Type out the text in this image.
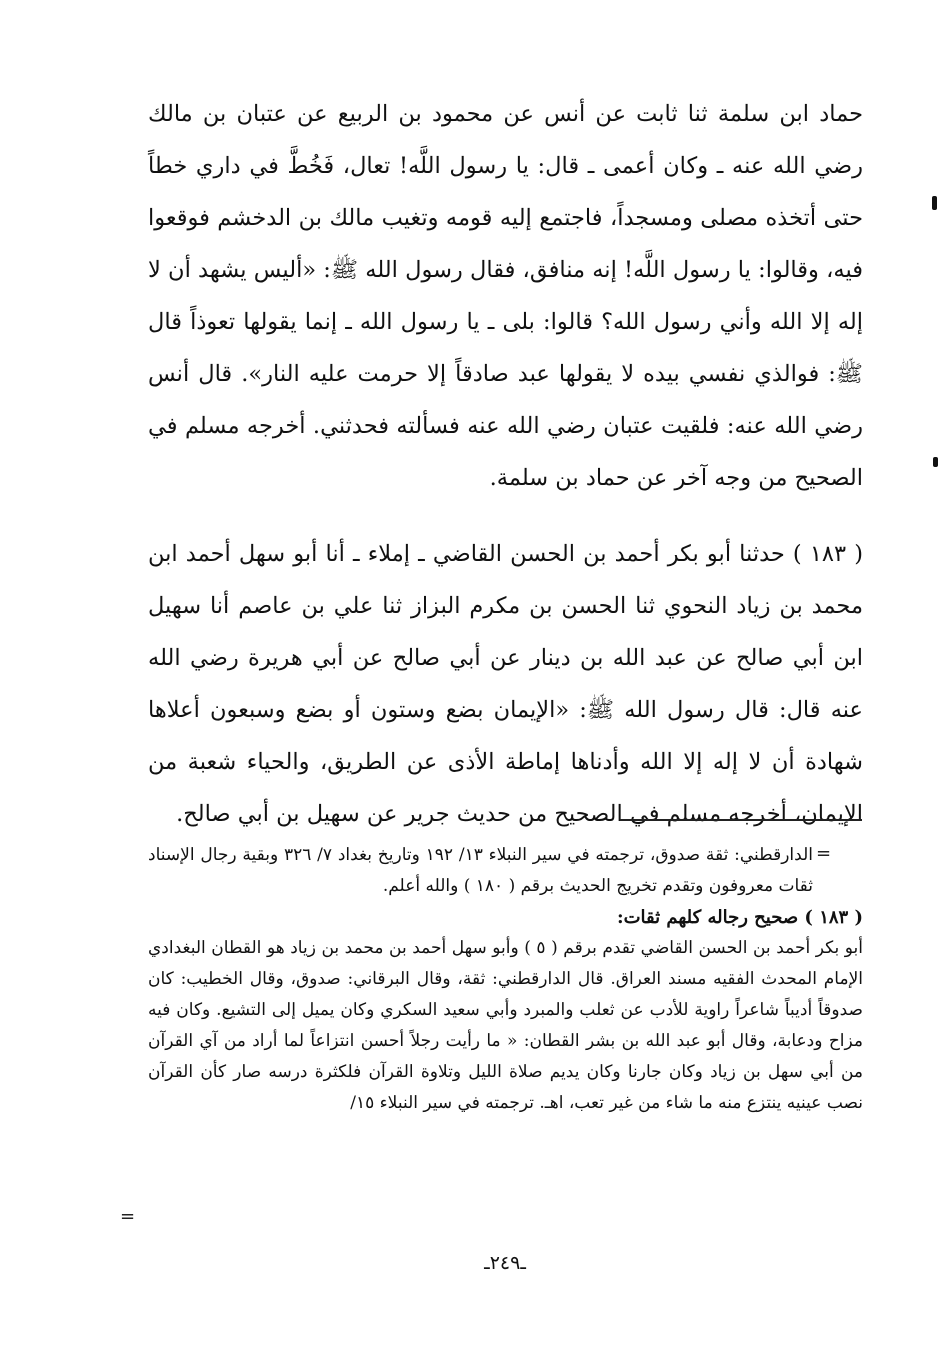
حماد ابن سلمة ثنا ثابت عن أنس عن محمود بن الربيع عن عتبان بن مالك رضي الله عنه ـ وكان أعمى ـ قال: يا رسول اللَّه! تعال، فَخُطَّ في داري خطاً حتى أتخذه مصلى ومسجداً، فاجتمع إليه قومه وتغيب مالك بن الدخشم فوقعوا فيه، وقالوا: يا رسول اللَّه! إنه منافق، فقال رسول الله ﷺ: «أليس يشهد أن لا إله إلا الله وأني رسول الله؟ قالوا: بلى ـ يا رسول الله ـ إنما يقولها تعوذاً قال ﷺ: فوالذي نفسي بيده لا يقولها عبد صادقاً إلا حرمت عليه النار». قال أنس رضي الله عنه: فلقيت عتبان رضي الله عنه فسألته فحدثني. أخرجه مسلم في الصحيح من وجه آخر عن حماد بن سلمة.

( ١٨٣ ) حدثنا أبو بكر أحمد بن الحسن القاضي ـ إملاء ـ أنا أبو سهل أحمد ابن محمد بن زياد النحوي ثنا الحسن بن مكرم البزاز ثنا علي بن عاصم أنا سهيل ابن أبي صالح عن عبد الله بن دينار عن أبي صالح عن أبي هريرة رضي الله عنه قال: قال رسول الله ﷺ: «الإيمان بضع وستون أو بضع وسبعون أعلاها شهادة أن لا إله إلا الله وأدناها إماطة الأذى عن الطريق، والحياء شعبة من الإيمان، أخرجه مسلم في الصحيح من حديث جرير عن سهيل بن أبي صالح.

=

الدارقطني: ثقة صدوق، ترجمته في سير النبلاء ١٣/ ١٩٢ وتاريخ بغداد ٧/ ٣٢٦ وبقية رجال الإسناد ثقات معروفون وتقدم تخريج الحديث برقم ( ١٨٠ ) والله أعلم.

( ١٨٣ ) صحيح رجاله كلهم ثقات:

أبو بكر أحمد بن الحسن القاضي تقدم برقم ( ٥ ) وأبو سهل أحمد بن محمد بن زياد هو القطان البغدادي الإمام المحدث الفقيه مسند العراق. قال الدارقطني: ثقة، وقال البرقاني: صدوق، وقال الخطيب: كان صدوقاً أديباً شاعراً راوية للأدب عن ثعلب والمبرد وأبي سعيد السكري وكان يميل إلى التشيع. وكان فيه مزاح ودعابة، وقال أبو عبد الله بن بشر القطان: « ما رأيت رجلاً أحسن انتزاعاً لما أراد من آي القرآن من أبي سهل بن زياد وكان جارنا وكان يديم صلاة الليل وتلاوة القرآن فلكثرة درسه صار كأن القرآن نصب عينيه ينتزع منه ما شاء من غير تعب، اهـ. ترجمته في سير النبلاء ١٥/

=
ـ٢٤٩ـ
